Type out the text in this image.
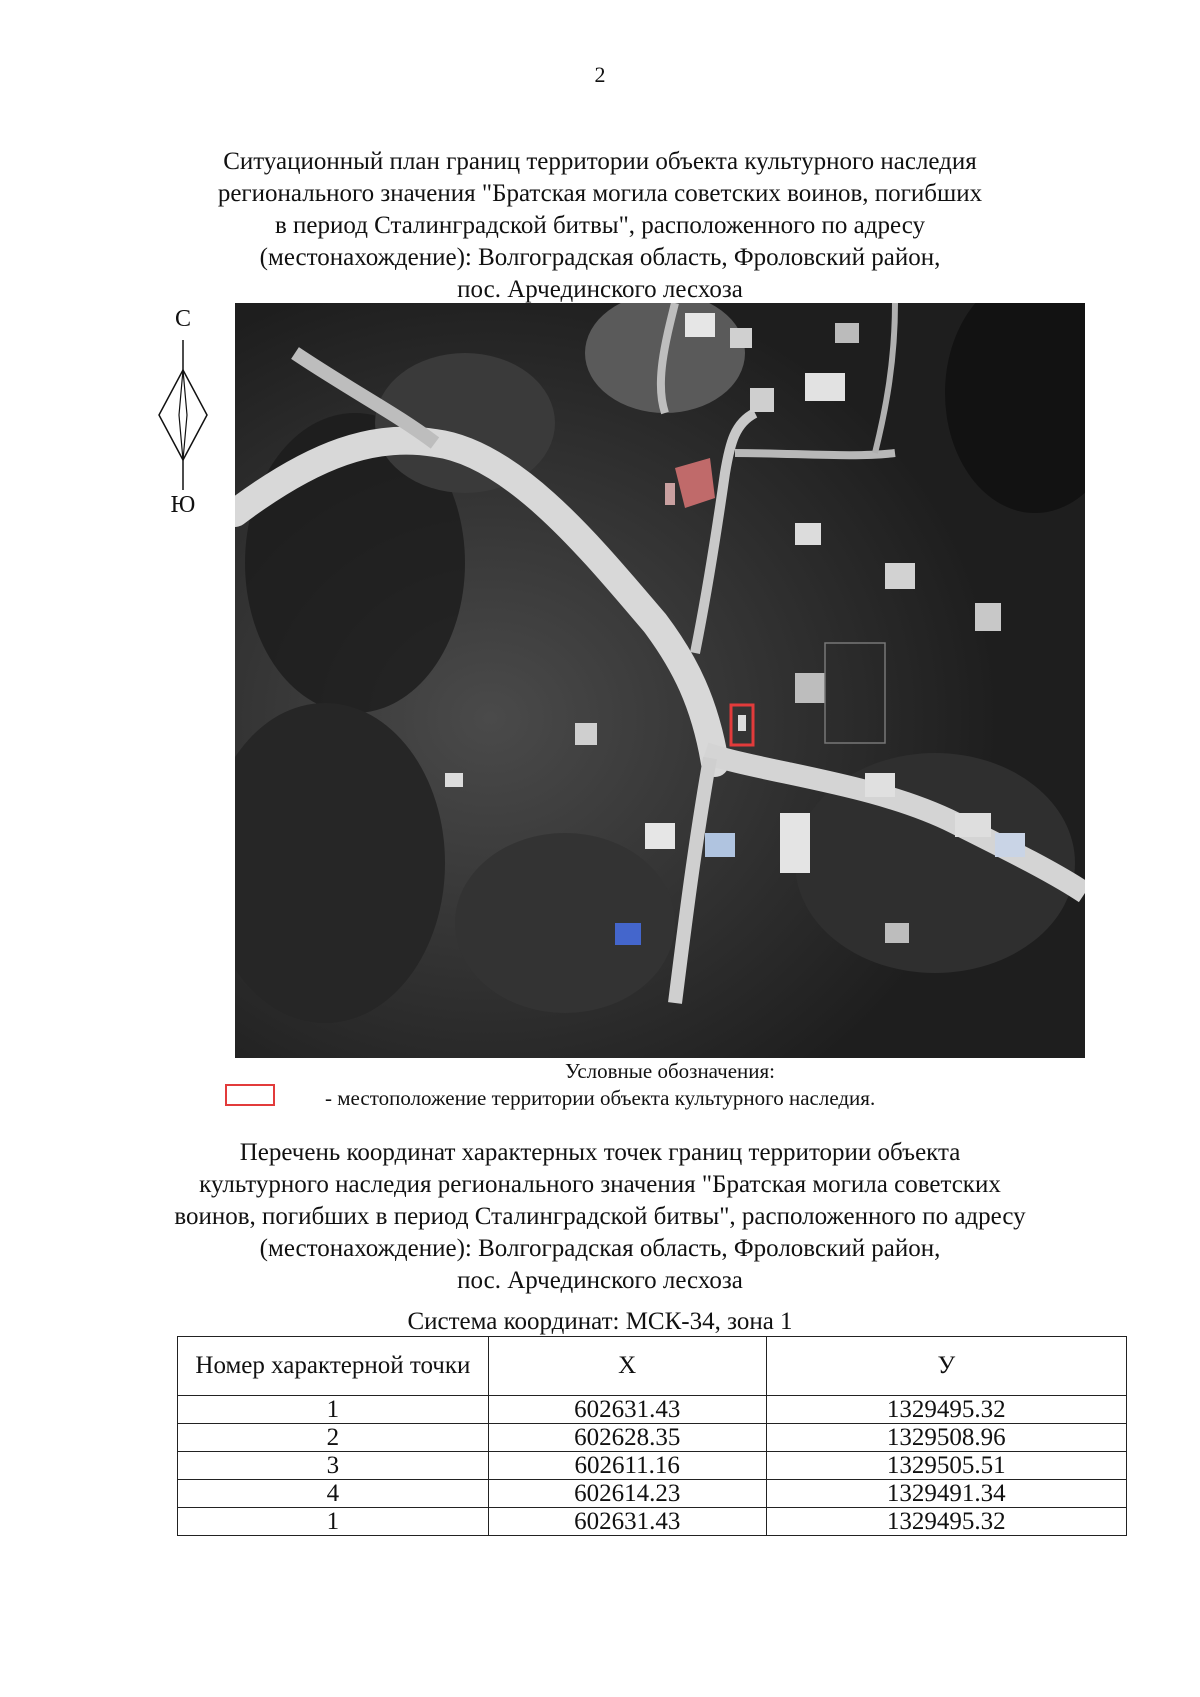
2
Ситуационный план границ территории объекта культурного наследия
регионального значения "Братская могила советских воинов, погибших
в период Сталинградской битвы", расположенного по адресу
(местонахождение): Волгоградская область, Фроловский район,
пос. Арчединского лесхоза
С
Ю
Условные обозначения:
- местоположение территории объекта культурного наследия.
Перечень координат характерных точек границ территории объекта
культурного наследия регионального значения "Братская могила советских
воинов, погибших в период Сталинградской битвы", расположенного по адресу
(местонахождение): Волгоградская область, Фроловский район,
пос. Арчединского лесхоза
Система координат: МСК-34, зона 1
Номер характерной точки	X	У
1	602631.43	1329495.32
2	602628.35	1329508.96
3	602611.16	1329505.51
4	602614.23	1329491.34
1	602631.43	1329495.32
